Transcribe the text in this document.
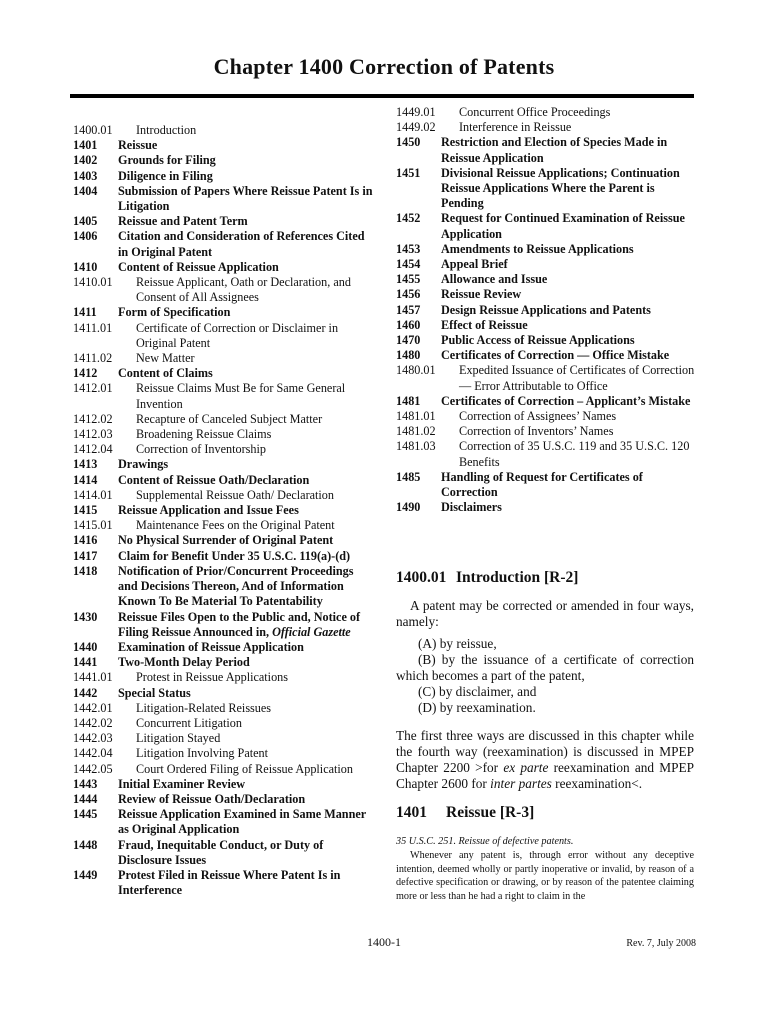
Chapter 1400 Correction of Patents
1400.01	Introduction
1401	Reissue
1402	Grounds for Filing
1403	Diligence in Filing
1404	Submission of Papers Where Reissue Patent Is in Litigation
1405	Reissue and Patent Term
1406	Citation and Consideration of References Cited in Original Patent
1410	Content of Reissue Application
1410.01	Reissue Applicant, Oath or Declaration, and Consent of All Assignees
1411	Form of Specification
1411.01	Certificate of Correction or Disclaimer in Original Patent
1411.02	New Matter
1412	Content of Claims
1412.01	Reissue Claims Must Be for Same General Invention
1412.02	Recapture of Canceled Subject Matter
1412.03	Broadening Reissue Claims
1412.04	Correction of Inventorship
1413	Drawings
1414	Content of Reissue Oath/Declaration
1414.01	Supplemental Reissue Oath/ Declaration
1415	Reissue Application and Issue Fees
1415.01	Maintenance Fees on the Original Patent
1416	No Physical Surrender of Original Patent
1417	Claim for Benefit Under 35 U.S.C. 119(a)-(d)
1418	Notification of Prior/Concurrent Proceedings and Decisions Thereon, And of Information Known To Be Material To Patentability
1430	Reissue Files Open to the Public and, Notice of Filing Reissue Announced in, Official Gazette
1440	Examination of Reissue Application
1441	Two-Month Delay Period
1441.01	Protest in Reissue Applications
1442	Special Status
1442.01	Litigation-Related Reissues
1442.02	Concurrent Litigation
1442.03	Litigation Stayed
1442.04	Litigation Involving Patent
1442.05	Court Ordered Filing of Reissue Application
1443	Initial Examiner Review
1444	Review of Reissue Oath/Declaration
1445	Reissue Application Examined in Same Manner as Original Application
1448	Fraud, Inequitable Conduct, or Duty of Disclosure Issues
1449	Protest Filed in Reissue Where Patent Is in Interference
1449.01	Concurrent Office Proceedings
1449.02	Interference in Reissue
1450	Restriction and Election of Species Made in Reissue Application
1451	Divisional Reissue Applications; Continuation Reissue Applications Where the Parent is Pending
1452	Request for Continued Examination of Reissue Application
1453	Amendments to Reissue Applications
1454	Appeal Brief
1455	Allowance and Issue
1456	Reissue Review
1457	Design Reissue Applications and Patents
1460	Effect of Reissue
1470	Public Access of Reissue Applications
1480	Certificates of Correction — Office Mistake
1480.01	Expedited Issuance of Certificates of Correction — Error Attributable to Office
1481	Certificates of Correction – Applicant’s Mistake
1481.01	Correction of Assignees’ Names
1481.02	Correction of Inventors’ Names
1481.03	Correction of 35 U.S.C. 119 and 35 U.S.C. 120 Benefits
1485	Handling of Request for Certificates of Correction
1490	Disclaimers
1400.01 Introduction [R-2]

A patent may be corrected or amended in four ways, namely:

(A) by reissue,

(B) by the issuance of a certificate of correction which becomes a part of the patent,

(C) by disclaimer, and

(D) by reexamination.

The first three ways are discussed in this chapter while the fourth way (reexamination) is discussed in MPEP Chapter 2200 >for ex parte reexamination and MPEP Chapter 2600 for inter partes reexamination<.

1401 Reissue [R-3]

35 U.S.C. 251. Reissue of defective patents.

Whenever any patent is, through error without any deceptive intention, deemed wholly or partly inoperative or invalid, by reason of a defective specification or drawing, or by reason of the patentee claiming more or less than he had a right to claim in the

1400-1	Rev. 7, July 2008
